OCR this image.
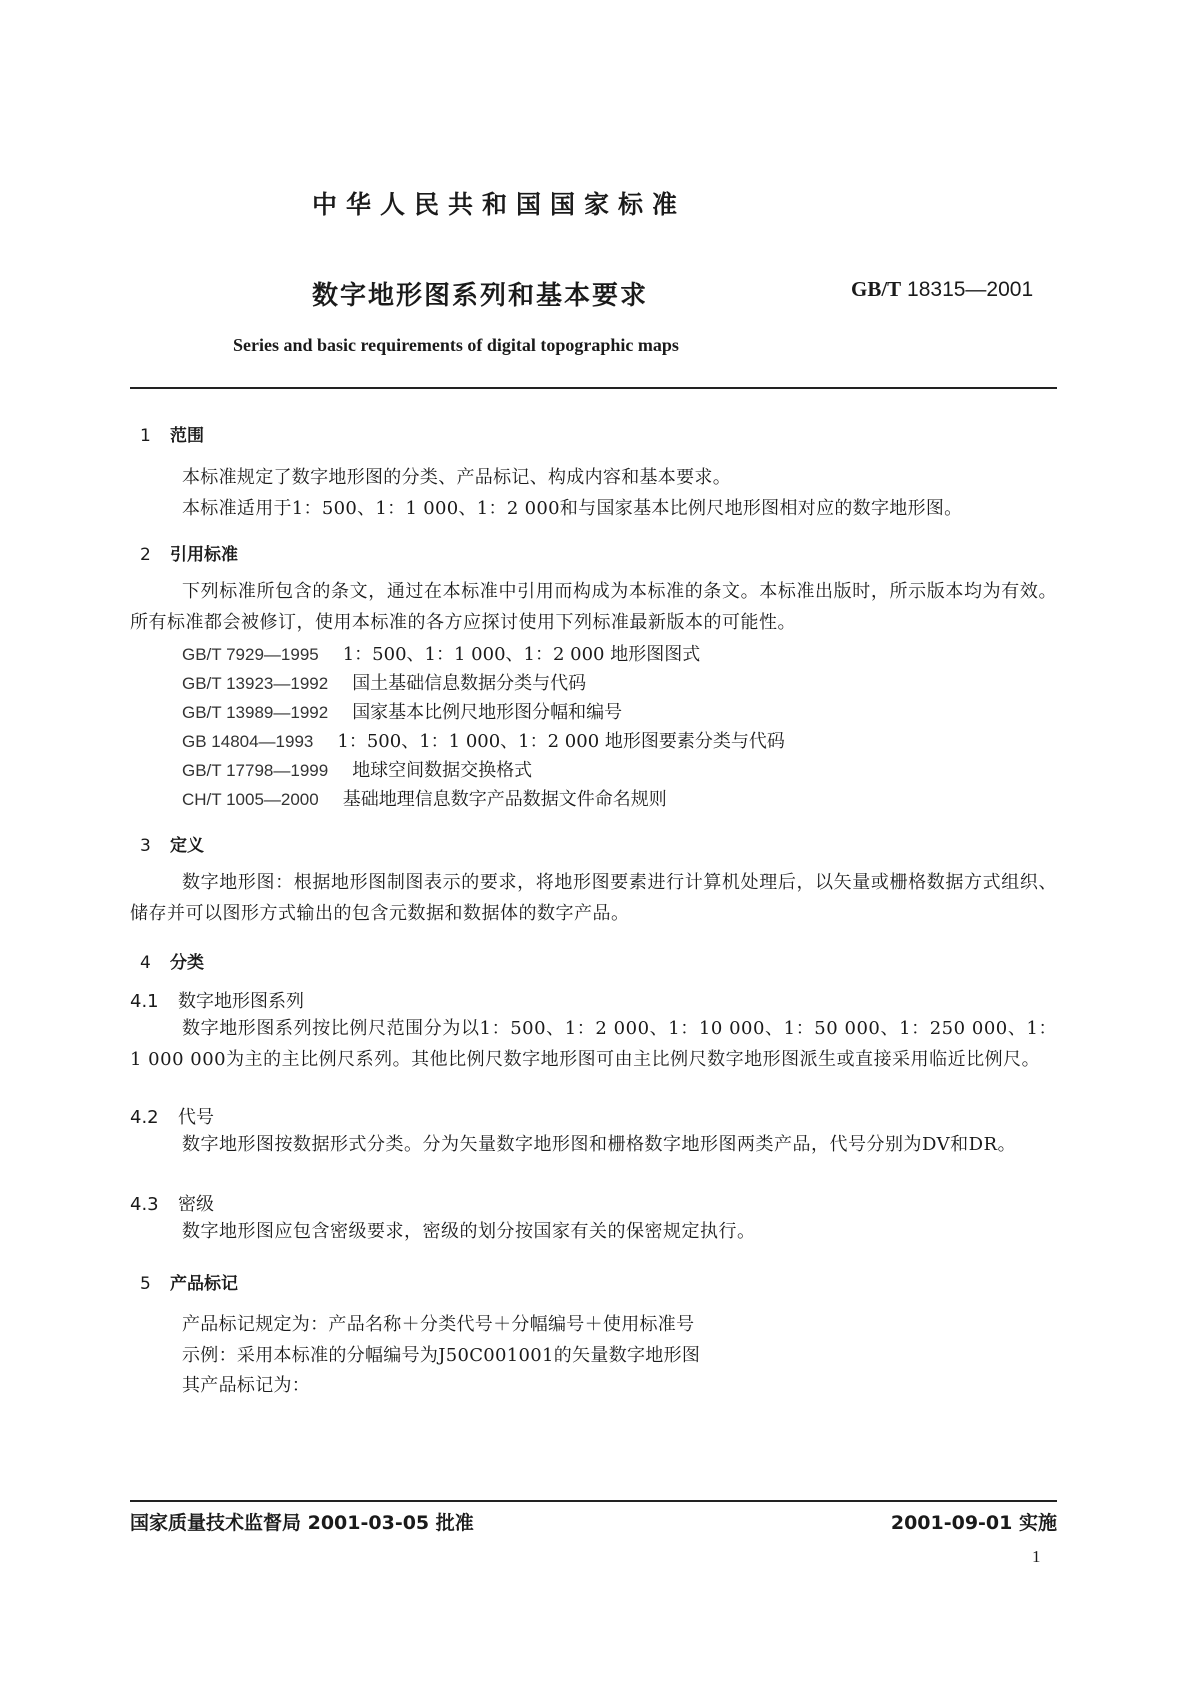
中华人民共和国国家标准
数字地形图系列和基本要求	GB/T 18315—2001
Series and basic requirements of digital topographic maps
1 范围
本标准规定了数字地形图的分类、产品标记、构成内容和基本要求。
本标准适用于1：500、1：1 000、1：2 000和与国家基本比例尺地形图相对应的数字地形图。
2 引用标准
下列标准所包含的条文，通过在本标准中引用而构成为本标准的条文。本标准出版时，所示版本均为有效。所有标准都会被修订，使用本标准的各方应探讨使用下列标准最新版本的可能性。
GB/T 7929—1995 1：500、1：1 000、1：2 000 地形图图式
GB/T 13923—1992 国土基础信息数据分类与代码
GB/T 13989—1992 国家基本比例尺地形图分幅和编号
GB 14804—1993 1：500、1：1 000、1：2 000 地形图要素分类与代码
GB/T 17798—1999 地球空间数据交换格式
CH/T 1005—2000 基础地理信息数字产品数据文件命名规则
3 定义
数字地形图：根据地形图制图表示的要求，将地形图要素进行计算机处理后，以矢量或栅格数据方式组织、储存并可以图形方式输出的包含元数据和数据体的数字产品。
4 分类
4.1 数字地形图系列
数字地形图系列按比例尺范围分为以1：500、1：2 000、1：10 000、1：50 000、1：250 000、1：1 000 000为主的主比例尺系列。其他比例尺数字地形图可由主比例尺数字地形图派生或直接采用临近比例尺。
4.2 代号
数字地形图按数据形式分类。分为矢量数字地形图和栅格数字地形图两类产品，代号分别为DV和DR。
4.3 密级
数字地形图应包含密级要求，密级的划分按国家有关的保密规定执行。
5 产品标记
产品标记规定为：产品名称＋分类代号＋分幅编号＋使用标准号
示例：采用本标准的分幅编号为J50C001001的矢量数字地形图
其产品标记为：
国家质量技术监督局 2001-03-05 批准	2001-09-01 实施
1
